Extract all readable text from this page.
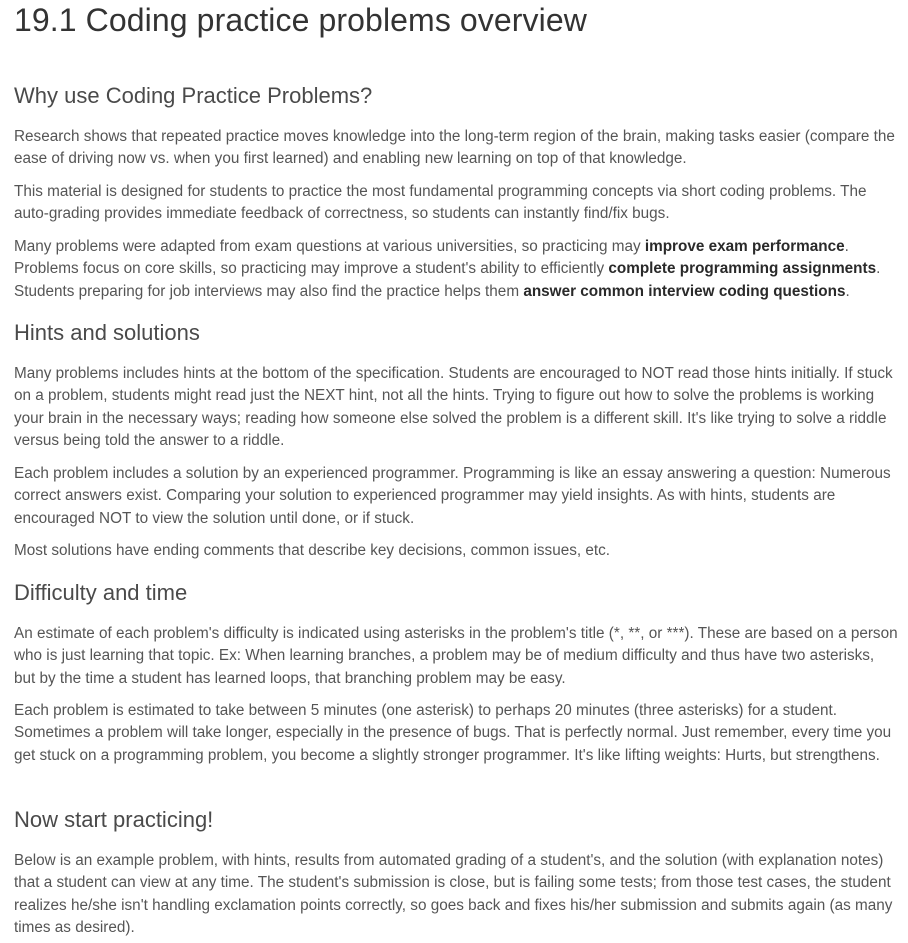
19.1 Coding practice problems overview
Why use Coding Practice Problems?

Research shows that repeated practice moves knowledge into the long-term region of the brain, making tasks easier (compare the ease of driving now vs. when you first learned) and enabling new learning on top of that knowledge.

This material is designed for students to practice the most fundamental programming concepts via short coding problems. The auto-grading provides immediate feedback of correctness, so students can instantly find/fix bugs.

Many problems were adapted from exam questions at various universities, so practicing may improve exam performance. Problems focus on core skills, so practicing may improve a student's ability to efficiently complete programming assignments. Students preparing for job interviews may also find the practice helps them answer common interview coding questions.

Hints and solutions

Many problems includes hints at the bottom of the specification. Students are encouraged to NOT read those hints initially. If stuck on a problem, students might read just the NEXT hint, not all the hints. Trying to figure out how to solve the problems is working your brain in the necessary ways; reading how someone else solved the problem is a different skill. It's like trying to solve a riddle versus being told the answer to a riddle.

Each problem includes a solution by an experienced programmer. Programming is like an essay answering a question: Numerous correct answers exist. Comparing your solution to experienced programmer may yield insights. As with hints, students are encouraged NOT to view the solution until done, or if stuck.

Most solutions have ending comments that describe key decisions, common issues, etc.

Difficulty and time

An estimate of each problem's difficulty is indicated using asterisks in the problem's title (*, **, or ***). These are based on a person who is just learning that topic. Ex: When learning branches, a problem may be of medium difficulty and thus have two asterisks, but by the time a student has learned loops, that branching problem may be easy.

Each problem is estimated to take between 5 minutes (one asterisk) to perhaps 20 minutes (three asterisks) for a student. Sometimes a problem will take longer, especially in the presence of bugs. That is perfectly normal. Just remember, every time you get stuck on a programming problem, you become a slightly stronger programmer. It's like lifting weights: Hurts, but strengthens.

Now start practicing!

Below is an example problem, with hints, results from automated grading of a student's, and the solution (with explanation notes) that a student can view at any time. The student's submission is close, but is failing some tests; from those test cases, the student realizes he/she isn't handling exclamation points correctly, so goes back and fixes his/her submission and submits again (as many times as desired).
